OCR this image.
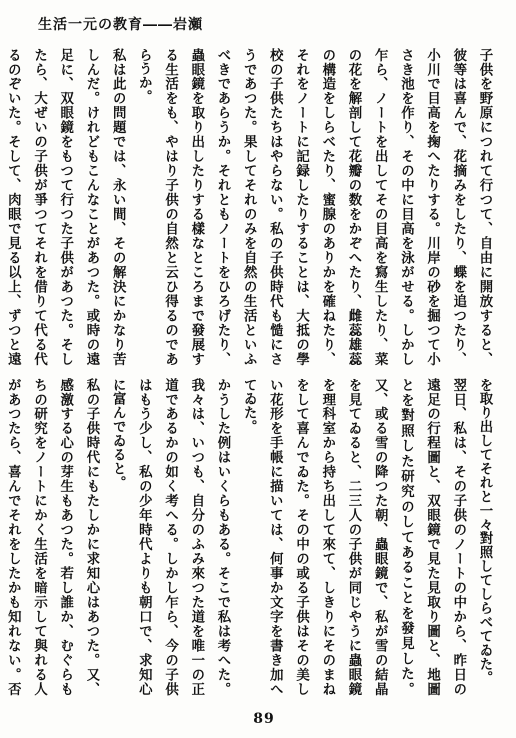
生活一元の教育――岩瀬

子供を野原につれて行つて、自由に開放すると、彼等は喜んで、花摘みをしたり、蝶を追つたり、小川で目高を掬へたりする。川岸の砂を掘つて小さき池を作り、その中に目高を泳がせる。しかし乍ら、ノートを出してその目高を寫生したり、菜の花を解剖して花瓣の数をかぞへたり、雌蕊雄蕊の構造をしらべたり、蜜腺のありかを確ねたり、それをノートに記録したりすることは、大抵の學校の子供たちはやらない。私の子供時代も慥にさうであつた。果してそれのみを自然の生活といふべきであらうか。それともノートをひろげたり、蟲眼鏡を取り出したりする樣なところまで發展する生活をも、やはり子供の自然と云ひ得るのであらうか。

私は此の問題では、永い間、その解決にかなり苦しんだ。けれどもこんなことがあつた。或時の遠足に、双眼鏡をもつて行つた子供があつた。そしたら、大ぜいの子供が爭つてそれを借りて代る代るのぞいた。そして、肉眼で見る以上、ずつと遠

を取り出してそれと一々對照してしらべてゐた。

翌日、私は、その子供のノートの中から、昨日の遠足の行程圖と、双眼鏡で見た見取り圖と、地圖とを對照した研究のしてあることを發見した。又、或る雪の降つた朝、蟲眼鏡で、私が雪の結晶を見てゐると、二三人の子供が同じやうに蟲眼鏡を理科室から持ち出して來て、しきりにそのまねをして喜んでゐた。その中の或る子供はその美しい花形を手帳に描いては、何事か文字を書き加へてゐた。

かうした例はいくらもある。そこで私は考へた。我々は、いつも、自分のふみ來つた道を唯一の正道であるかの如く考へる。しかし乍ら、今の子供はもう少し、私の少年時代よりも朝口で、求知心に富んでゐると。

私の子供時代にもたしかに求知心はあつた。又、感激する心の芽生もあつた。若し誰か、むぐらもちの研究をノートにかく生活を暗示して與れる人があつたら、喜んでそれをしたかも知れない。否

89
